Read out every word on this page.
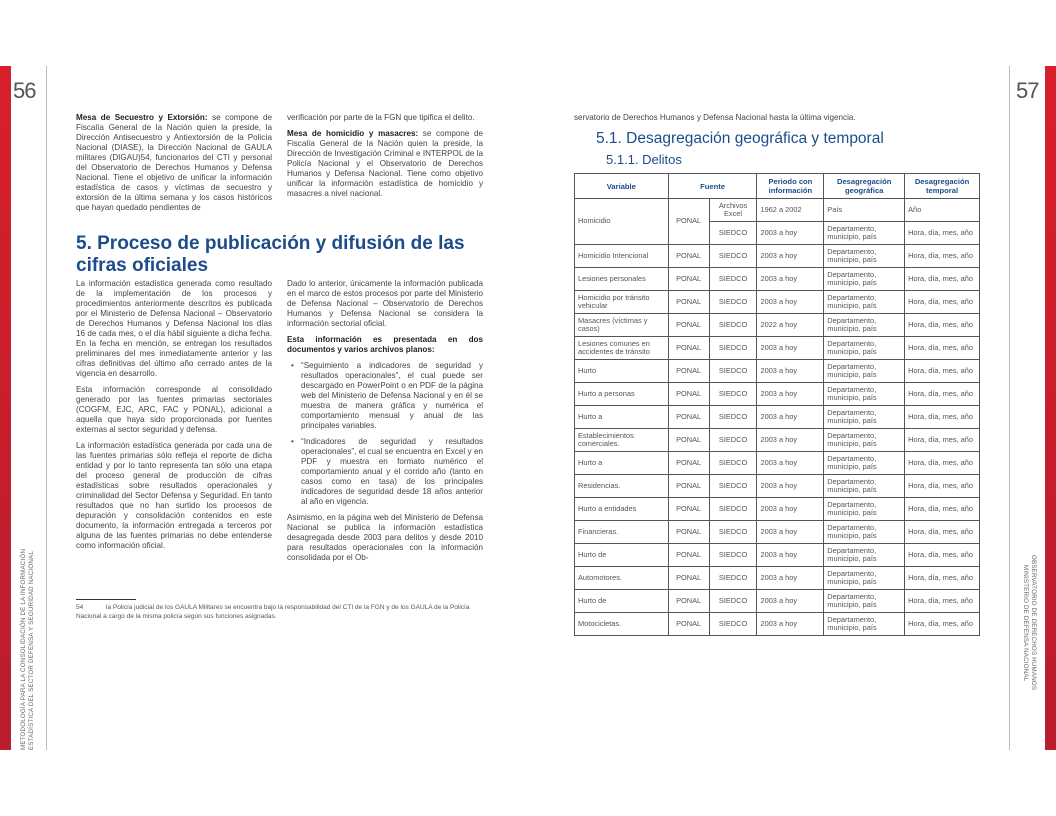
56
METODOLOGÍA PARA LA CONSOLIDACIÓN DE LA INFORMACIÓN ESTADÍSTICA DEL SECTOR DEFENSA Y SEGURIDAD NACIONAL

Mesa de Secuestro y Extorsión: se compone de Fiscalía General de la Nación quien la preside, la Dirección Antisecuestro y Antiextorsión de la Policía Nacional (DIASE), la Dirección Nacional de GAULA militares (DIGAU)54, funcionarios del CTI y personal del Observatorio de Derechos Humanos y Defensa Nacional. Tiene el objetivo de unificar la información estadística de casos y víctimas de secuestro y extorsión de la última semana y los casos históricos que hayan quedado pendientes de

verificación por parte de la FGN que tipifica el delito.

Mesa de homicidio y masacres: se compone de Fiscalía General de la Nación quien la preside, la Dirección de Investigación Criminal e INTERPOL de la Policía Nacional y el Observatorio de Derechos Humanos y Defensa Nacional. Tiene como objetivo unificar la información estadística de homicidio y masacres a nivel nacional.

5. Proceso de publicación y difusión de las cifras oficiales

La información estadística generada como resultado de la implementación de los procesos y procedimientos anteriormente descritos es publicada por el Ministerio de Defensa Nacional – Observatorio de Derechos Humanos y Defensa Nacional los días 16 de cada mes, o el día hábil siguiente a dicha fecha. En la fecha en mención, se entregan los resultados preliminares del mes inmediatamente anterior y las cifras definitivas del último año cerrado antes de la vigencia en desarrollo.

Esta información corresponde al consolidado generado por las fuentes primarias sectoriales (COGFM, EJC, ARC, FAC y PONAL), adicional a aquella que haya sido proporcionada por fuentes externas al sector seguridad y defensa.

La información estadística generada por cada una de las fuentes primarias sólo refleja el reporte de dicha entidad y por lo tanto representa tan sólo una etapa del proceso general de producción de cifras estadísticas sobre resultados operacionales y criminalidad del Sector Defensa y Seguridad. En tanto resultados que no han surtido los procesos de depuración y consolidación contenidos en este documento, la información entregada a terceros por alguna de las fuentes primarias no debe entenderse como información oficial.

Dado lo anterior, únicamente la información publicada en el marco de estos procesos por parte del Ministerio de Defensa Nacional – Observatorio de Derechos Humanos y Defensa Nacional se considera la información sectorial oficial.

Esta información es presentada en dos documentos y varios archivos planos:

• “Seguimiento a indicadores de seguridad y resultados operacionales”, el cual puede ser descargado en PowerPoint o en PDF de la página web del Ministerio de Defensa Nacional y en él se muestra de manera gráfica y numérica el comportamiento mensual y anual de las principales variables.
• “Indicadores de seguridad y resultados operacionales”, el cual se encuentra en Excel y en PDF y muestra en formato numérico el comportamiento anual y el corrido año (tanto en casos como en tasa) de los principales indicadores de seguridad desde 18 años anterior al año en vigencia.

Asimismo, en la página web del Ministerio de Defensa Nacional se publica la información estadística desagregada desde 2003 para delitos y desde 2010 para resultados operacionales con la información consolidada por el Ob-

54	la Policía judicial de los GAULA Militares se encuentra bajo la responsabilidad del CTI de la FGN y de los GAULA de la Policía Nacional a cargo de la misma policía según sus funciones asignadas.
57
OBSERVATORIO DE DERECHOS HUMANOS
MINISTERIO DE DEFENSA NACIONAL
servatorio de Derechos Humanos y Defensa Nacional hasta la última vigencia.
5.1. Desagregación geográfica y temporal
5.1.1. Delitos
Variable	Fuente		Periodo con información	Desagregación geográfica	Desagregación temporal
Homicidio	PONAL	Archivos Excel	1962 a 2002	País	Año
		SIEDCO	2003 a hoy	Departamento, municipio, país	Hora, día, mes, año
Homicidio Intencional	PONAL	SIEDCO	2003 a hoy	Departamento, municipio, país	Hora, día, mes, año
Lesiones personales	PONAL	SIEDCO	2003 a hoy	Departamento, municipio, país	Hora, día, mes, año
Homicidio por tránsito vehicular	PONAL	SIEDCO	2003 a hoy	Departamento, municipio, país	Hora, día, mes, año
Masacres (víctimas y casos)	PONAL	SIEDCO	2022 a hoy	Departamento, municipio, país	Hora, día, mes, año
Lesiones comunes en accidentes de tránsito	PONAL	SIEDCO	2003 a hoy	Departamento, municipio, país	Hora, día, mes, año
Hurto	PONAL	SIEDCO	2003 a hoy	Departamento, municipio, país	Hora, día, mes, año
Hurto a personas	PONAL	SIEDCO	2003 a hoy	Departamento, municipio, país	Hora, día, mes, año
Hurto a	PONAL	SIEDCO	2003 a hoy	Departamento, municipio, país	Hora, día, mes, año
Establecimientos comerciales.	PONAL	SIEDCO	2003 a hoy	Departamento, municipio, país	Hora, día, mes, año
Hurto a	PONAL	SIEDCO	2003 a hoy	Departamento, municipio, país	Hora, día, mes, año
Residencias.	PONAL	SIEDCO	2003 a hoy	Departamento, municipio, país	Hora, día, mes, año
Hurto a entidades	PONAL	SIEDCO	2003 a hoy	Departamento, municipio, país	Hora, día, mes, año
Financieras.	PONAL	SIEDCO	2003 a hoy	Departamento, municipio, país	Hora, día, mes, año
Hurto de	PONAL	SIEDCO	2003 a hoy	Departamento, municipio, país	Hora, día, mes, año
Automotores.	PONAL	SIEDCO	2003 a hoy	Departamento, municipio, país	Hora, día, mes, año
Hurto de	PONAL	SIEDCO	2003 a hoy	Departamento, municipio, país	Hora, día, mes, año
Motocicletas.	PONAL	SIEDCO	2003 a hoy	Departamento, municipio, país	Hora, día, mes, año
